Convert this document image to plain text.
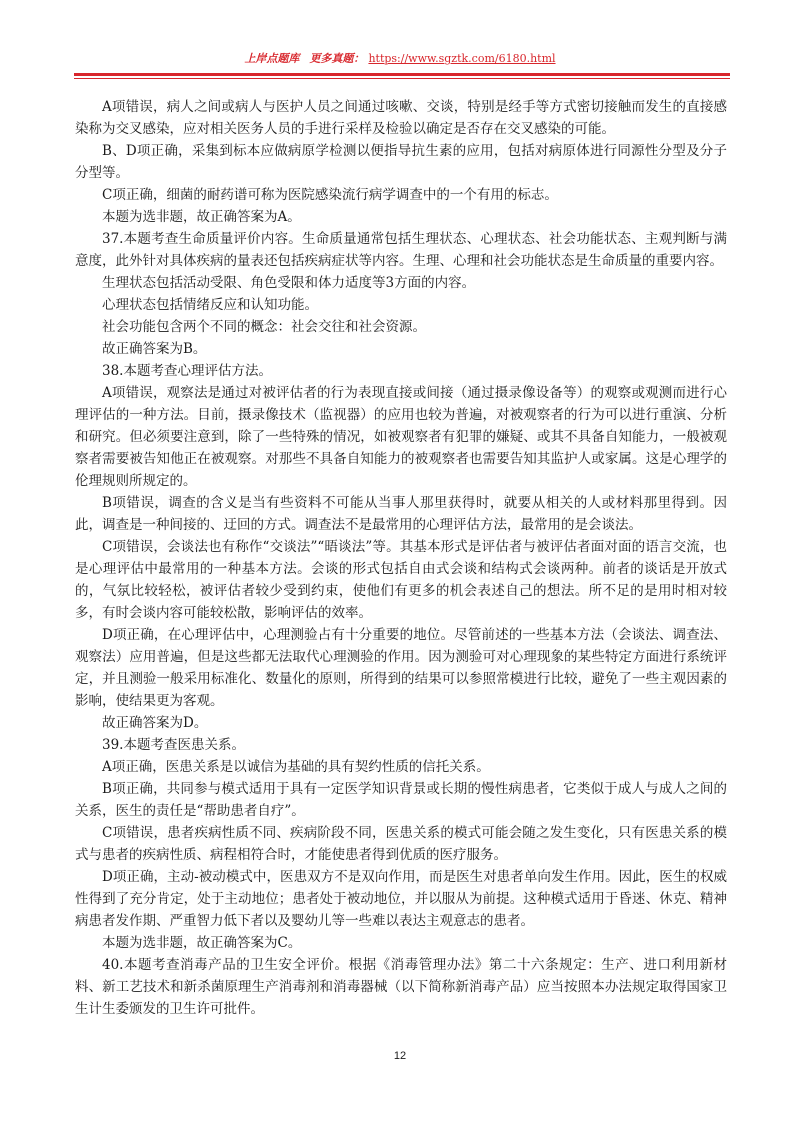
上岸点题库 更多真题： https://www.sgztk.com/6180.html

A项错误，病人之间或病人与医护人员之间通过咳嗽、交谈，特别是经手等方式密切接触而发生的直接感染称为交叉感染，应对相关医务人员的手进行采样及检验以确定是否存在交叉感染的可能。

B、D项正确，采集到标本应做病原学检测以便指导抗生素的应用，包括对病原体进行同源性分型及分子分型等。

C项正确，细菌的耐药谱可称为医院感染流行病学调查中的一个有用的标志。

本题为选非题，故正确答案为A。

37.本题考查生命质量评价内容。生命质量通常包括生理状态、心理状态、社会功能状态、主观判断与满意度，此外针对具体疾病的量表还包括疾病症状等内容。生理、心理和社会功能状态是生命质量的重要内容。

生理状态包括活动受限、角色受限和体力适度等3方面的内容。

心理状态包括情绪反应和认知功能。

社会功能包含两个不同的概念：社会交往和社会资源。

故正确答案为B。

38.本题考查心理评估方法。

A项错误，观察法是通过对被评估者的行为表现直接或间接（通过摄录像设备等）的观察或观测而进行心理评估的一种方法。目前，摄录像技术（监视器）的应用也较为普遍，对被观察者的行为可以进行重演、分析和研究。但必须要注意到，除了一些特殊的情况，如被观察者有犯罪的嫌疑、或其不具备自知能力，一般被观察者需要被告知他正在被观察。对那些不具备自知能力的被观察者也需要告知其监护人或家属。这是心理学的伦理规则所规定的。

B项错误，调查的含义是当有些资料不可能从当事人那里获得时，就要从相关的人或材料那里得到。因此，调查是一种间接的、迂回的方式。调查法不是最常用的心理评估方法，最常用的是会谈法。

C项错误，会谈法也有称作“交谈法”“晤谈法”等。其基本形式是评估者与被评估者面对面的语言交流，也是心理评估中最常用的一种基本方法。会谈的形式包括自由式会谈和结构式会谈两种。前者的谈话是开放式的，气氛比较轻松，被评估者较少受到约束，使他们有更多的机会表述自己的想法。所不足的是用时相对较多，有时会谈内容可能较松散，影响评估的效率。

D项正确，在心理评估中，心理测验占有十分重要的地位。尽管前述的一些基本方法（会谈法、调查法、观察法）应用普遍，但是这些都无法取代心理测验的作用。因为测验可对心理现象的某些特定方面进行系统评定，并且测验一般采用标准化、数量化的原则，所得到的结果可以参照常模进行比较，避免了一些主观因素的影响，使结果更为客观。

故正确答案为D。

39.本题考查医患关系。

A项正确，医患关系是以诚信为基础的具有契约性质的信托关系。

B项正确，共同参与模式适用于具有一定医学知识背景或长期的慢性病患者，它类似于成人与成人之间的关系，医生的责任是“帮助患者自疗”。

C项错误，患者疾病性质不同、疾病阶段不同，医患关系的模式可能会随之发生变化，只有医患关系的模式与患者的疾病性质、病程相符合时，才能使患者得到优质的医疗服务。

D项正确，主动-被动模式中，医患双方不是双向作用，而是医生对患者单向发生作用。因此，医生的权威性得到了充分肯定，处于主动地位；患者处于被动地位，并以服从为前提。这种模式适用于昏迷、休克、精神病患者发作期、严重智力低下者以及婴幼儿等一些难以表达主观意志的患者。

本题为选非题，故正确答案为C。

40.本题考查消毒产品的卫生安全评价。根据《消毒管理办法》第二十六条规定：生产、进口利用新材料、新工艺技术和新杀菌原理生产消毒剂和消毒器械（以下简称新消毒产品）应当按照本办法规定取得国家卫生计生委颁发的卫生许可批件。

12
